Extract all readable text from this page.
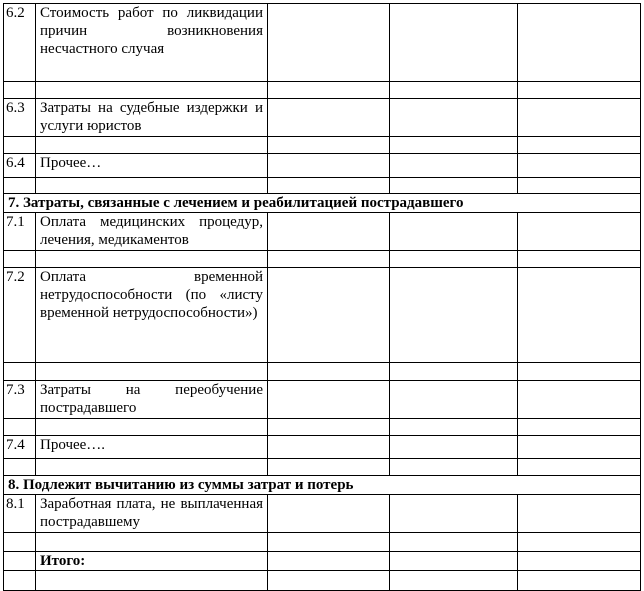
6.2	Стоимость работ по ликвидации причин возникновения несчастного случая			

6.3	Затраты на судебные издержки и услуги юристов			

6.4	Прочее…			

7. Затраты, связанные с лечением и реабилитацией пострадавшего				
7.1	Оплата медицинских процедур, лечения, медикаментов			

7.2	Оплата временной нетрудоспособности (по «листу временной нетрудоспособности»)			

7.3	Затраты на переобучение пострадавшего			

7.4	Прочее….			

8. Подлежит вычитанию из суммы затрат и потерь				
8.1	Заработная плата, не выплаченная пострадавшему			

	Итого:			
